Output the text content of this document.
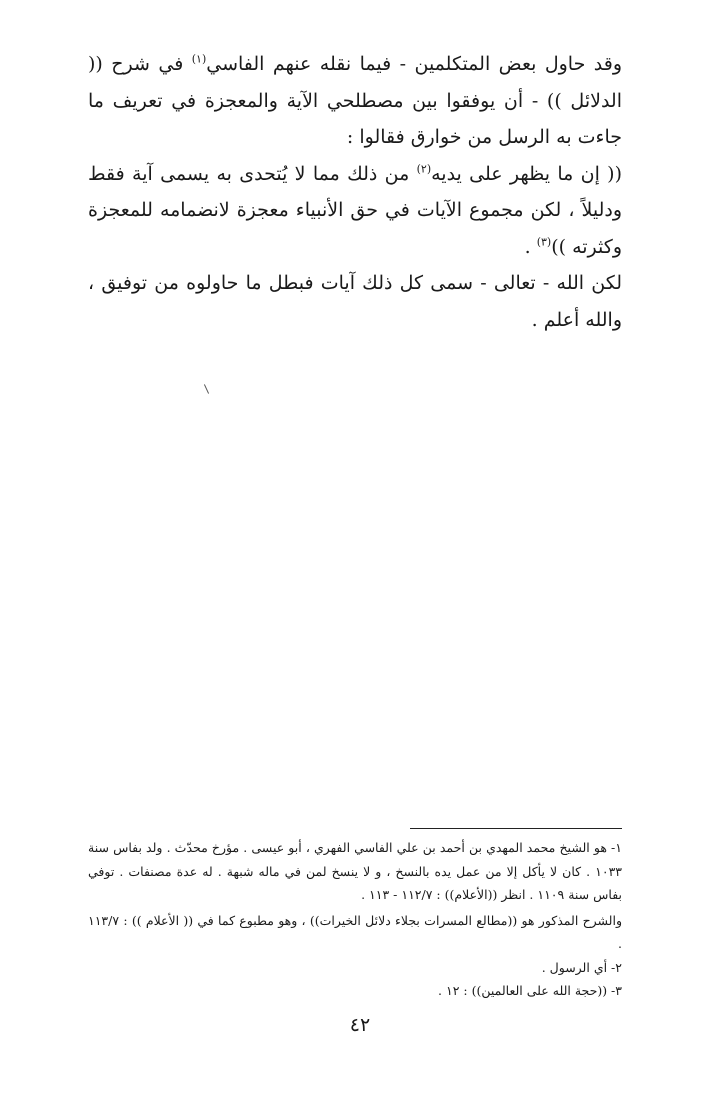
وقد حاول بعض المتكلمين - فيما نقله عنهم الفاسي$^{(١)}$ في شرح (( الدلائل )) - أن يوفقوا بين مصطلحي الآية والمعجزة في تعريف ما جاءت به الرسل من خوارق فقالوا :

(( إن ما يظهر على يديه$^{(٢)}$ من ذلك مما لا يُتحدى به يسمى آية فقط ودليلاً ، لكن مجموع الآيات في حق الأنبياء معجزة لانضمامه للمعجزة وكثرته ))$^{(٣)}$ .

لكن الله - تعالى - سمى كل ذلك آيات فبطل ما حاولوه من توفيق ، والله أعلم .

١- هو الشيخ محمد المهدي بن أحمد بن علي الفاسي الفهري ، أبو عيسى . مؤرخ محدّث . ولد بفاس سنة ١٠٣٣ . كان لا يأكل إلا من عمل يده بالنسخ ، و لا ينسخ لمن في ماله شبهة . له عدة مصنفات . توفي بفاس سنة ١١٠٩ . انظر ((الأعلام)) : ١١٢/٧ - ١١٣ .

والشرح المذكور هو ((مطالع المسرات بجلاء دلائل الخيرات)) ، وهو مطبوع كما في (( الأعلام )) : ١١٣/٧ .

٢- أي الرسول .

٣- ((حجة الله على العالمين)) : ١٢ .

٤٢
